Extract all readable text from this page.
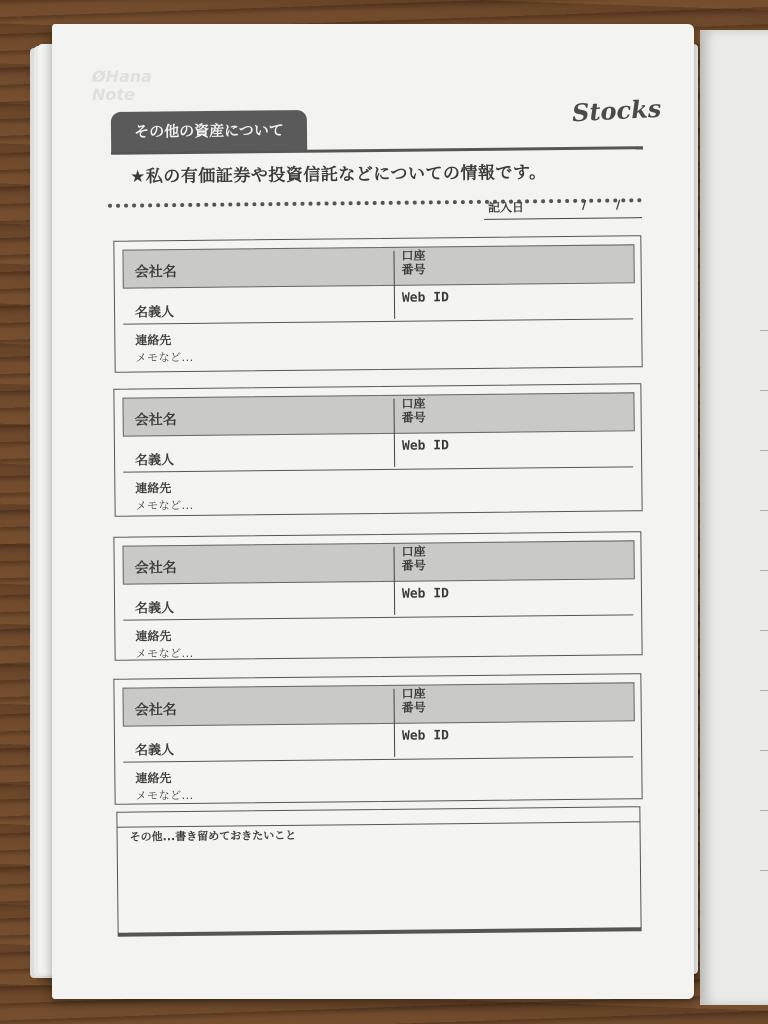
ØHana
Note	Stocks
その他の資産について
★私の有価証券や投資信託などについての情報です。
記入日	/ /
会社名
口座
番号
名義人
Web ID
連絡先
メモなど...
会社名
口座
番号
名義人
Web ID
連絡先
メモなど...
会社名
口座
番号
名義人
Web ID
連絡先
メモなど...
会社名
口座
番号
名義人
Web ID
連絡先
メモなど...
その他...書き留めておきたいこと
